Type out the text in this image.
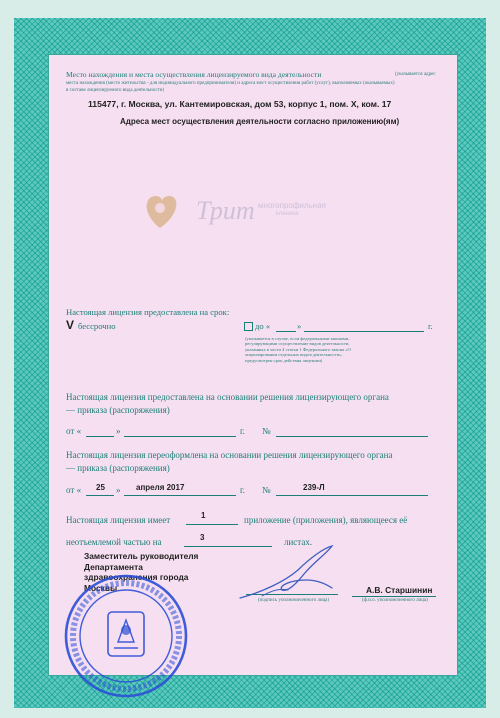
Место нахождения и места осуществления лицензируемого вида деятельности	(указывается адрес
места нахождения (место жительства - для индивидуального предпринимателя) и адреса мест осуществления работ (услуг), выполняемых (оказываемых)
в составе лицензируемого вида деятельности)
115477, г. Москва, ул. Кантемировская, дом 53, корпус 1, пом. X, ком. 17
Адреса мест осуществления деятельности согласно приложению(ям)
Трит многопрофильная
клиника
Настоящая лицензия предоставлена на срок:
V бессрочно	до «	»	г.
(указывается в случае, если федеральными законами, регулирующими осуществление видов деятельности, указанных в части 4 статьи 1 Федерального закона «О лицензировании отдельных видов деятельности», предусмотрен срок действия лицензии)
Настоящая лицензия предоставлена на основании решения лицензирующего органа
— приказа (распоряжения)
от «	»	г. №
Настоящая лицензия переоформлена на основании решения лицензирующего органа
— приказа (распоряжения)
от « 25 » апреля 2017	г. №	239-Л
Настоящая лицензия имеет	1	приложение (приложения), являющееся её
неотъемлемой частью на	3	листах.
Заместитель руководителя Департамента здравоохранения города Москвы
(подпись уполномоченного лица)
А.В. Старшинин
(ф.и.о. уполномоченного лица)
